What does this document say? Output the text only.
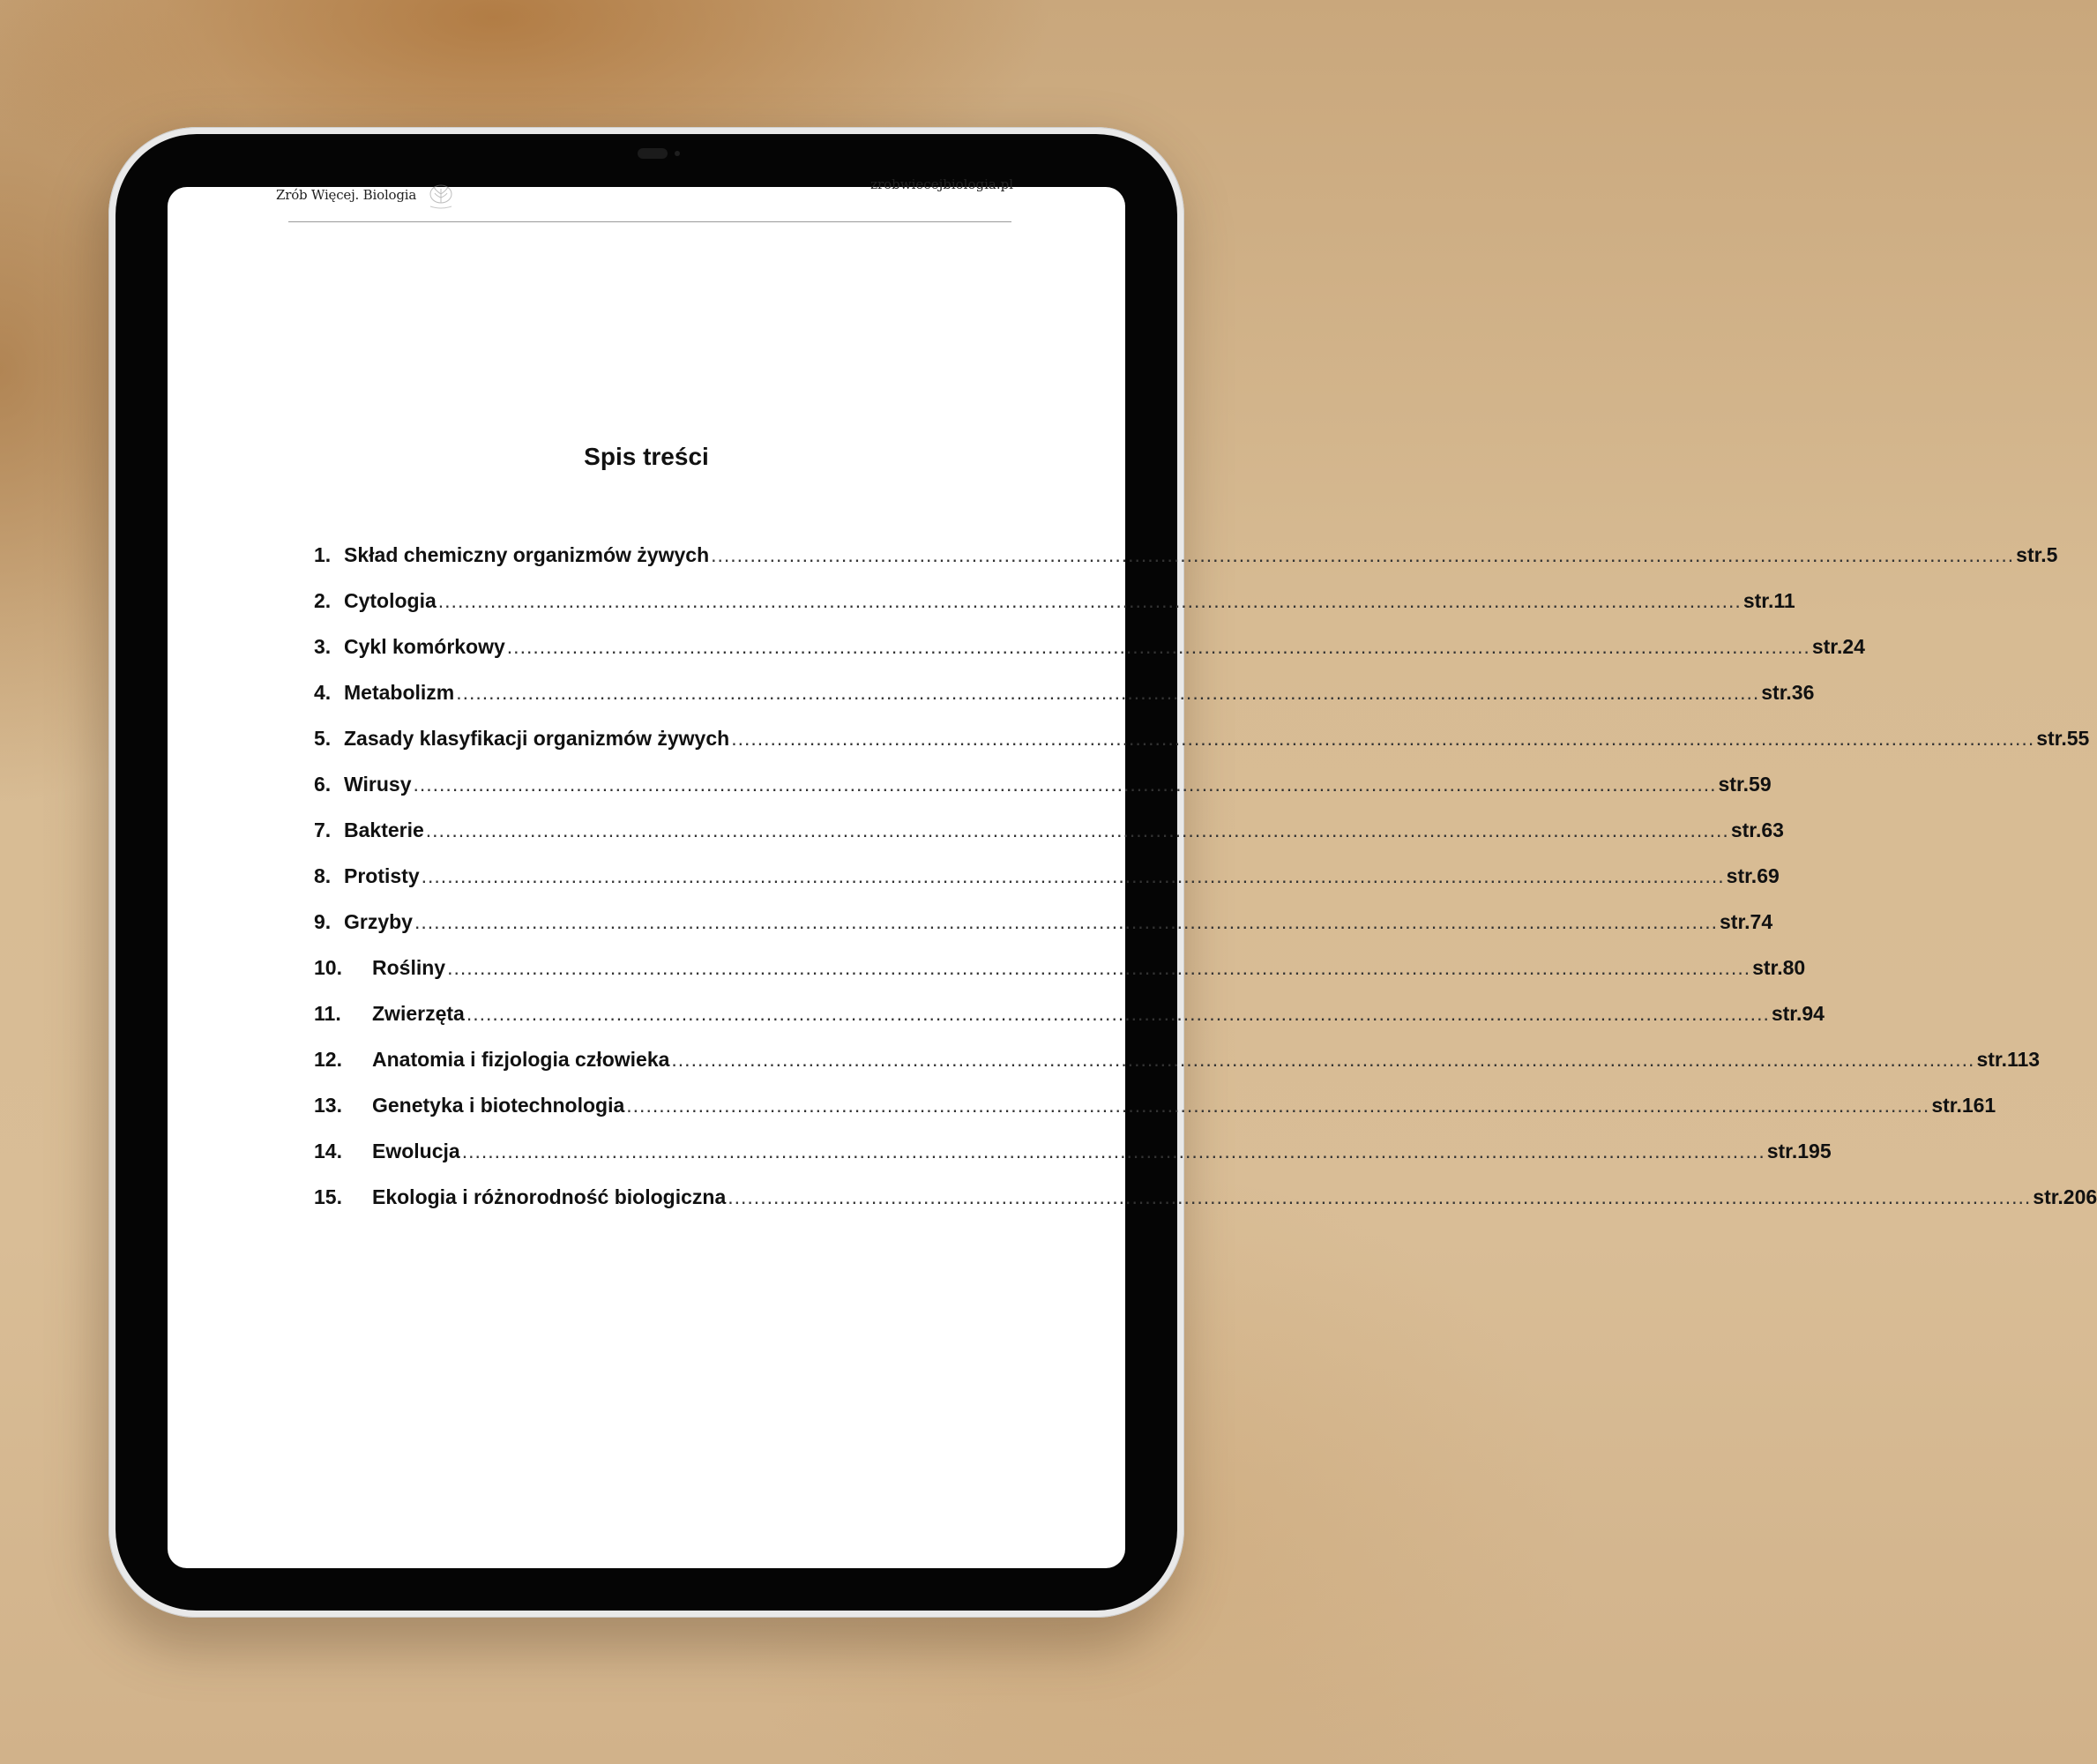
Zrób Więcej. Biologia
zrobwiecejbiologia.pl
Spis treści
1. Skład chemiczny organizmów żywych .....	str.5
2. Cytologia .....	str.11
3. Cykl komórkowy .....	str.24
4. Metabolizm .....	str.36
5. Zasady klasyfikacji organizmów żywych .....	str.55
6. Wirusy .....	str.59
7. Bakterie .....	str.63
8. Protisty .....	str.69
9. Grzyby .....	str.74
10.	Rośliny .....	str.80
11.	Zwierzęta .....	str.94
12.	Anatomia i fizjologia człowieka .....	str.113
13.	Genetyka i biotechnologia .....	str.161
14.	Ewolucja .....	str.195
15.	Ekologia i różnorodność biologiczna .....	str.206
